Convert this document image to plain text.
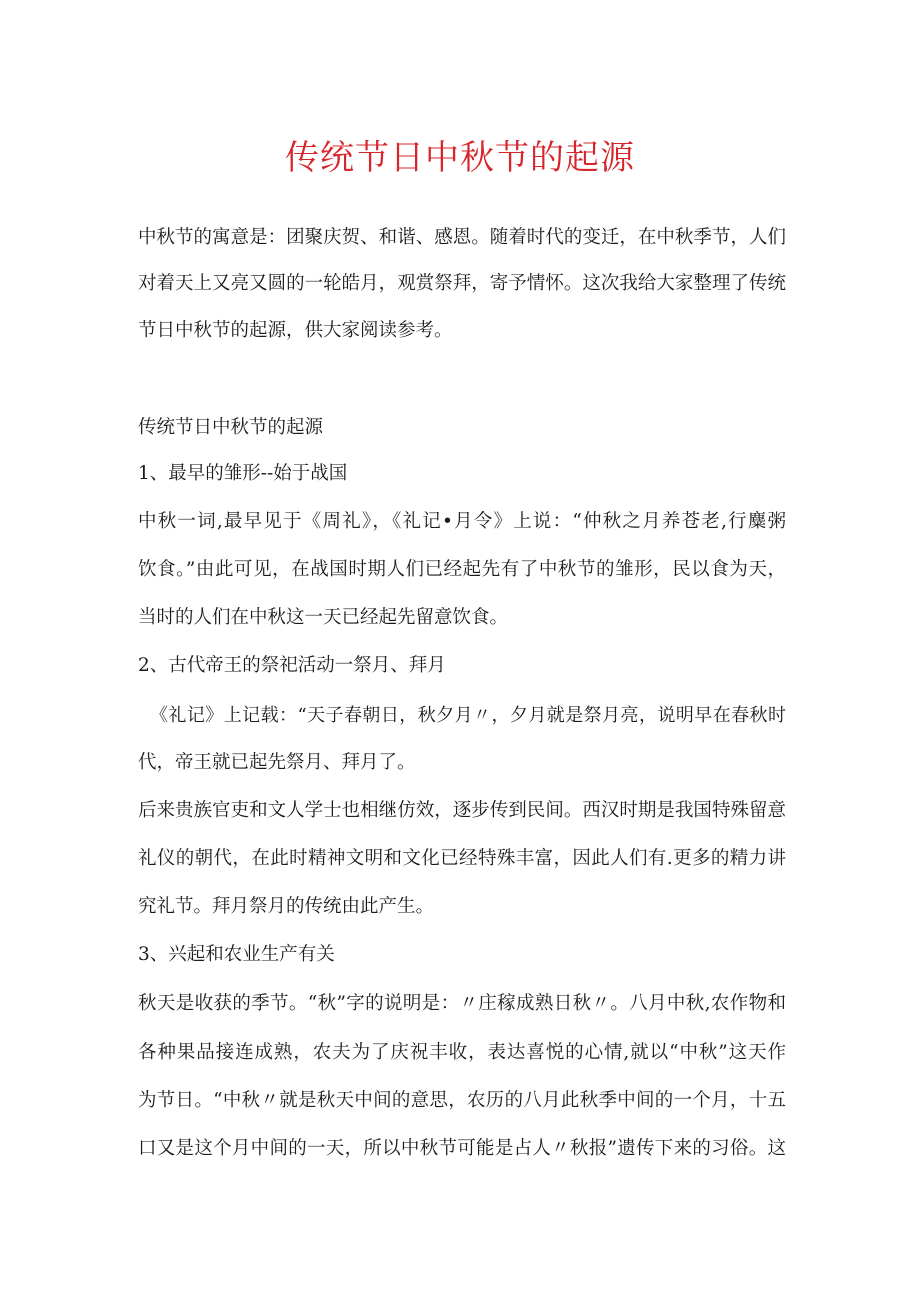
传统节日中秋节的起源
中秋节的寓意是：团聚庆贺、和谐、感恩。随着时代的变迁，在中秋季节，人们
对着天上又亮又圆的一轮皓月，观赏祭拜，寄予情怀。这次我给大家整理了传统
节日中秋节的起源，供大家阅读参考。
传统节日中秋节的起源
1、最早的雏形--始于战国
中秋一词,最早见于《周礼》，《礼记•月令》上说：“仲秋之月养苍老,行麋粥
饮食。”由此可见，在战国时期人们已经起先有了中秋节的雏形，民以食为天，
当时的人们在中秋这一天已经起先留意饮食。
2、古代帝王的祭祀活动一祭月、拜月
《礼记》上记载：“天子春朝日，秋夕月〃，夕月就是祭月亮，说明早在春秋时
代，帝王就已起先祭月、拜月了。
后来贵族官吏和文人学士也相继仿效，逐步传到民间。西汉时期是我国特殊留意
礼仪的朝代，在此时精神文明和文化已经特殊丰富，因此人们有.更多的精力讲
究礼节。拜月祭月的传统由此产生。
3、兴起和农业生产有关
秋天是收获的季节。“秋”字的说明是：〃庄稼成熟日秋〃。八月中秋,农作物和
各种果品接连成熟，农夫为了庆祝丰收，表达喜悦的心情,就以“中秋”这天作
为节日。“中秋〃就是秋天中间的意思，农历的八月此秋季中间的一个月，十五
口又是这个月中间的一天，所以中秋节可能是占人〃秋报”遗传下来的习俗。这
